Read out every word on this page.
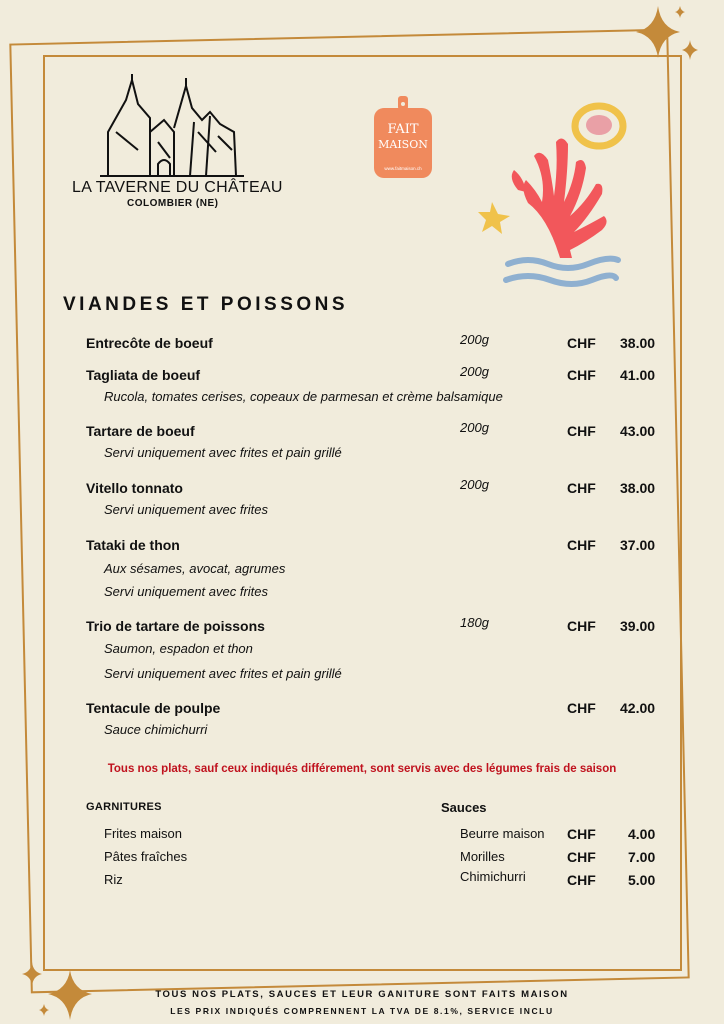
LA TAVERNE DU CHÂTEAU
COLOMBIER (NE)
FAIT
MAISON
www.faitmaison.ch
VIANDES ET POISSONS
Entrecôte de boeuf	200g	CHF 38.00
Tagliata de boeuf	200g	CHF 41.00
Rucola, tomates cerises, copeaux de parmesan et crème balsamique
Tartare de boeuf	200g	CHF 43.00
Servi uniquement avec frites et pain grillé
Vitello tonnato	200g	CHF 38.00
Servi uniquement avec frites
Tataki de thon	CHF 37.00
Aux sésames, avocat, agrumes
Servi uniquement avec frites
Trio de tartare de poissons	180g	CHF 39.00
Saumon, espadon et thon
Servi uniquement avec frites et pain grillé
Tentacule de poulpe	CHF 42.00
Sauce chimichurri
Tous nos plats, sauf ceux indiqués différement, sont servis avec des légumes frais de saison
GARNITURES
Frites maison
Pâtes fraîches
Riz
Sauces
Beurre maison CHF 4.00
Morilles	CHF 7.00
Chimichurri	CHF 5.00
TOUS NOS PLATS, SAUCES ET LEUR GANITURE SONT FAITS MAISON
LES PRIX INDIQUÉS COMPRENNENT LA TVA DE 8.1%, SERVICE INCLU
